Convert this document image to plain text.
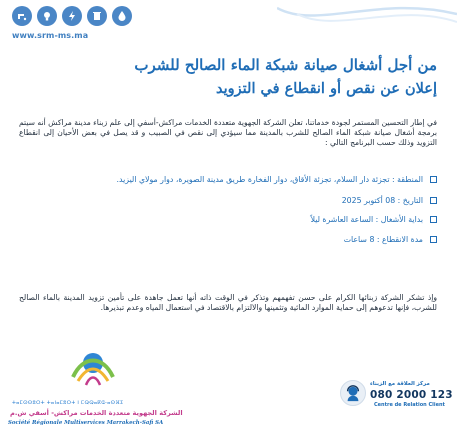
www.srm-ms.ma
من أجل أشغال صيانة شبكة الماء الصالح للشرب
إعلان عن نقص أو انقطاع في التزويد

في إطار التحسين المستمر لجودة خدماتنا، تعلن الشركة الجهوية متعددة الخدمات مراكش-أسفي إلى علم زبناء مدينة مراكش أنه سيتم برمجة أشغال صيانة شبكة الماء الصالح للشرب بالمدينة مما سيؤدي إلى نقص في الصبيب و قد يصل في بعض الأحيان إلى انقطاع التزويد وذلك حسب البرنامج التالي :

المنطقة : تجزئة دار السلام، تجزئة الأقاق، دوار الفخارة طريق مدينة الصويرة، دوار مولاي اليزيد.
التاريخ : 08 أكتوبر 2025
بداية الأشغال : الساعة العاشرة ليلاً
مدة الانقطاع : 8 ساعات

وإذ تشكر الشركة زبنائها الكرام على حسن تفهمهم وتذكر في الوقت ذاته أنها تعمل جاهدة على تأمين تزويد المدينة بالماء الصالح للشرب، فإنها تدعوهم إلى حماية الموارد المائية وتثمينها والالتزام بالاقتصاد في استعمال المياه وعدم تبذيرها.

ⵜⴰⵎⵙⵙⵓⵔⵜ ⵜⴰⵏⴰⵎⵓⵔⵜ ⵏ ⵎⵕⵕⴰⴽⵛ-ⴰⵙⴼⵉ
الشركة الجهوية متعددة الخدمات مراكش- أسفي ش.م
Société Régionale Multiservices Marrakech-Safi SA
مركز العلاقة مع الزبناء
080 2000 123
Centre de Relation Client
